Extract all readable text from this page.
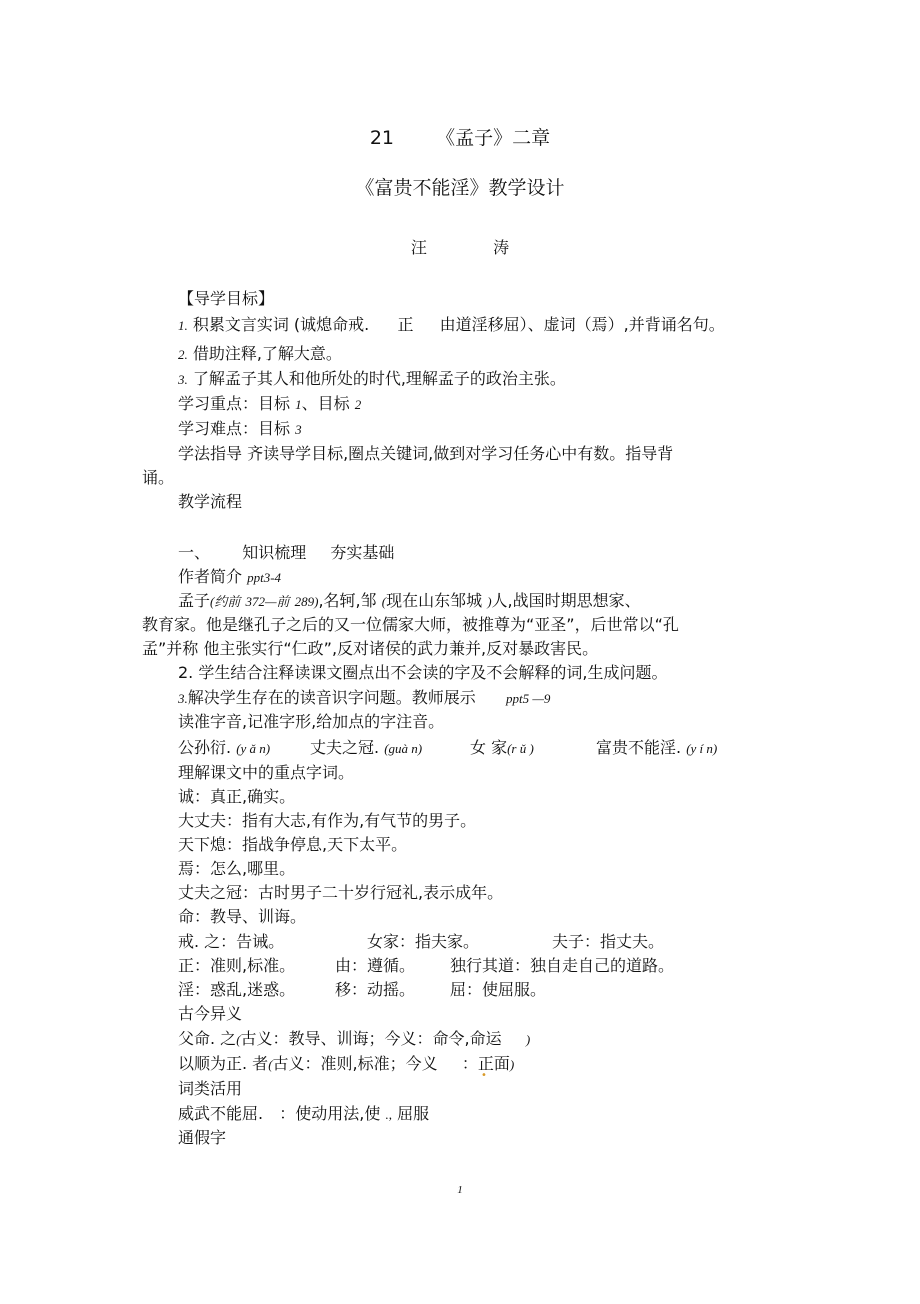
21 《孟子》二章
《富贵不能淫》教学设计
汪	涛
【导学目标】
1. 积累文言实词 (诚熄命戒. 正 由道淫移屈）、虚词（焉）,并背诵名句。
2. 借助注释,了解大意。
3. 了解孟子其人和他所处的时代,理解孟子的政治主张。
学习重点：目标 1、目标 2
学习难点：目标 3
学法指导 齐读导学目标,圈点关键词,做到对学习任务心中有数。指导背
诵。
教学流程
一、 知识梳理 夯实基础
作者简介 ppt3-4
孟子(约前 372—前 289),名轲,邹 (现在山东邹城 )人,战国时期思想家、
教育家。他是继孔子之后的又一位儒家大师，被推尊为“亚圣”，后世常以“孔
孟”并称 他主张实行“仁政”,反对诸侯的武力兼并,反对暴政害民。
2. 学生结合注释读课文圈点出不会读的字及不会解释的词,生成问题。
3.解决学生存在的读音识字问题。教师展示 ppt5 —9
读准字音,记准字形,给加点的字注音。
公孙衍. (y ǎ n) 丈夫之冠. (guà n)	女 家(r ǔ )	富贵不能淫. (y í n)
理解课文中的重点字词。
诚：真正,确实。
大丈夫：指有大志,有作为,有气节的男子。
天下熄：指战争停息,天下太平。
焉：怎么,哪里。
丈夫之冠：古时男子二十岁行冠礼,表示成年。
命：教导、训诲。
戒. 之：告诫。	女家：指夫家。	夫子：指丈夫。
正：准则,标准。 由：遵循。 独行其道：独自走自己的道路。
淫：惑乱,迷惑。 移：动摇。 屈：使屈服。
古今异义
父命. 之(古义：教导、训诲；今义：命令,命运 )
以顺为正. 者(古义：准则,标准；今义 ：正面)
•
词类活用
威武不能屈. ：使动用法,使 ., 屈服
通假字
1
